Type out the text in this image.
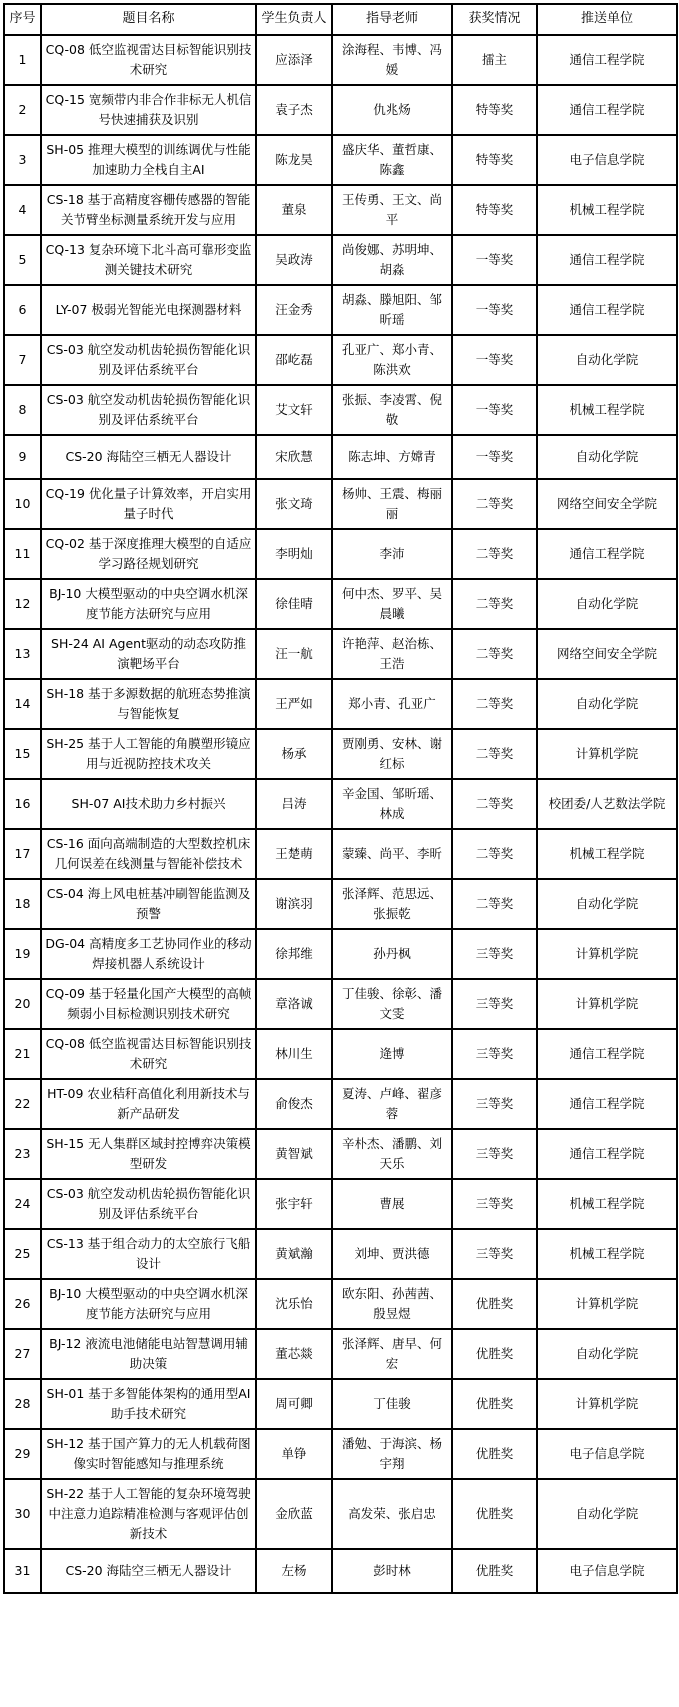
序号	题目名称	学生负责人	指导老师	获奖情况	推送单位
1	CQ-08 低空监视雷达目标智能识别技术研究	应添泽	涂海程、韦博、冯媛	擂主	通信工程学院
2	CQ-15 宽频带内非合作非标无人机信号快速捕获及识别	袁子杰	仇兆炀	特等奖	通信工程学院
3	SH-05 推理大模型的训练调优与性能加速助力全栈自主AI	陈龙昊	盛庆华、董哲康、陈鑫	特等奖	电子信息学院
4	CS-18 基于高精度容栅传感器的智能关节臂坐标测量系统开发与应用	董泉	王传勇、王文、尚平	特等奖	机械工程学院
5	CQ-13 复杂环境下北斗高可靠形变监测关键技术研究	吴政涛	尚俊娜、苏明坤、胡淼	一等奖	通信工程学院
6	LY-07 极弱光智能光电探测器材料	汪金秀	胡淼、滕旭阳、邹昕瑶	一等奖	通信工程学院
7	CS-03 航空发动机齿轮损伤智能化识别及评估系统平台	邵屹磊	孔亚广、郑小青、陈洪欢	一等奖	自动化学院
8	CS-03 航空发动机齿轮损伤智能化识别及评估系统平台	艾文轩	张振、李凌霄、倪敬	一等奖	机械工程学院
9	CS-20 海陆空三栖无人器设计	宋欣慧	陈志坤、方嫦青	一等奖	自动化学院
10	CQ-19 优化量子计算效率，开启实用量子时代	张文琦	杨帅、王震、梅丽丽	二等奖	网络空间安全学院
11	CQ-02 基于深度推理大模型的自适应学习路径规划研究	李明灿	李沛	二等奖	通信工程学院
12	BJ-10 大模型驱动的中央空调水机深度节能方法研究与应用	徐佳晴	何中杰、罗平、吴晨曦	二等奖	自动化学院
13	SH-24 AI Agent驱动的动态攻防推演靶场平台	汪一航	许艳萍、赵治栋、王浩	二等奖	网络空间安全学院
14	SH-18 基于多源数据的航班态势推演与智能恢复	王严如	郑小青、孔亚广	二等奖	自动化学院
15	SH-25 基于人工智能的角膜塑形镜应用与近视防控技术攻关	杨承	贾刚勇、安林、谢红标	二等奖	计算机学院
16	SH-07 AI技术助力乡村振兴	吕涛	辛金国、邹昕瑶、林成	二等奖	校团委/人艺数法学院
17	CS-16 面向高端制造的大型数控机床几何误差在线测量与智能补偿技术	王楚萌	蒙臻、尚平、李昕	二等奖	机械工程学院
18	CS-04 海上风电桩基冲刷智能监测及预警	谢滨羽	张泽辉、范思远、张振乾	二等奖	自动化学院
19	DG-04 高精度多工艺协同作业的移动焊接机器人系统设计	徐邦维	孙丹枫	三等奖	计算机学院
20	CQ-09 基于轻量化国产大模型的高帧频弱小目标检测识别技术研究	章洛诚	丁佳骏、徐彰、潘文雯	三等奖	计算机学院
21	CQ-08 低空监视雷达目标智能识别技术研究	林川生	逄博	三等奖	通信工程学院
22	HT-09 农业秸秆高值化利用新技术与新产品研发	俞俊杰	夏涛、卢峰、翟彦蓉	三等奖	通信工程学院
23	SH-15 无人集群区域封控博弈决策模型研发	黄智斌	辛朴杰、潘鹏、刘天乐	三等奖	通信工程学院
24	CS-03 航空发动机齿轮损伤智能化识别及评估系统平台	张宇轩	曹展	三等奖	机械工程学院
25	CS-13 基于组合动力的太空旅行飞船设计	黄斌瀚	刘坤、贾洪德	三等奖	机械工程学院
26	BJ-10 大模型驱动的中央空调水机深度节能方法研究与应用	沈乐怡	欧东阳、孙茜茜、殷昱煜	优胜奖	计算机学院
27	BJ-12 液流电池储能电站智慧调用辅助决策	董芯燚	张泽辉、唐早、何宏	优胜奖	自动化学院
28	SH-01 基于多智能体架构的通用型AI助手技术研究	周可卿	丁佳骏	优胜奖	计算机学院
29	SH-12 基于国产算力的无人机载荷图像实时智能感知与推理系统	单铮	潘勉、于海滨、杨宇翔	优胜奖	电子信息学院
30	SH-22 基于人工智能的复杂环境驾驶中注意力追踪精准检测与客观评估创新技术	金欣蓝	高发荣、张启忠	优胜奖	自动化学院
31	CS-20 海陆空三栖无人器设计	左杨	彭时林	优胜奖	电子信息学院
